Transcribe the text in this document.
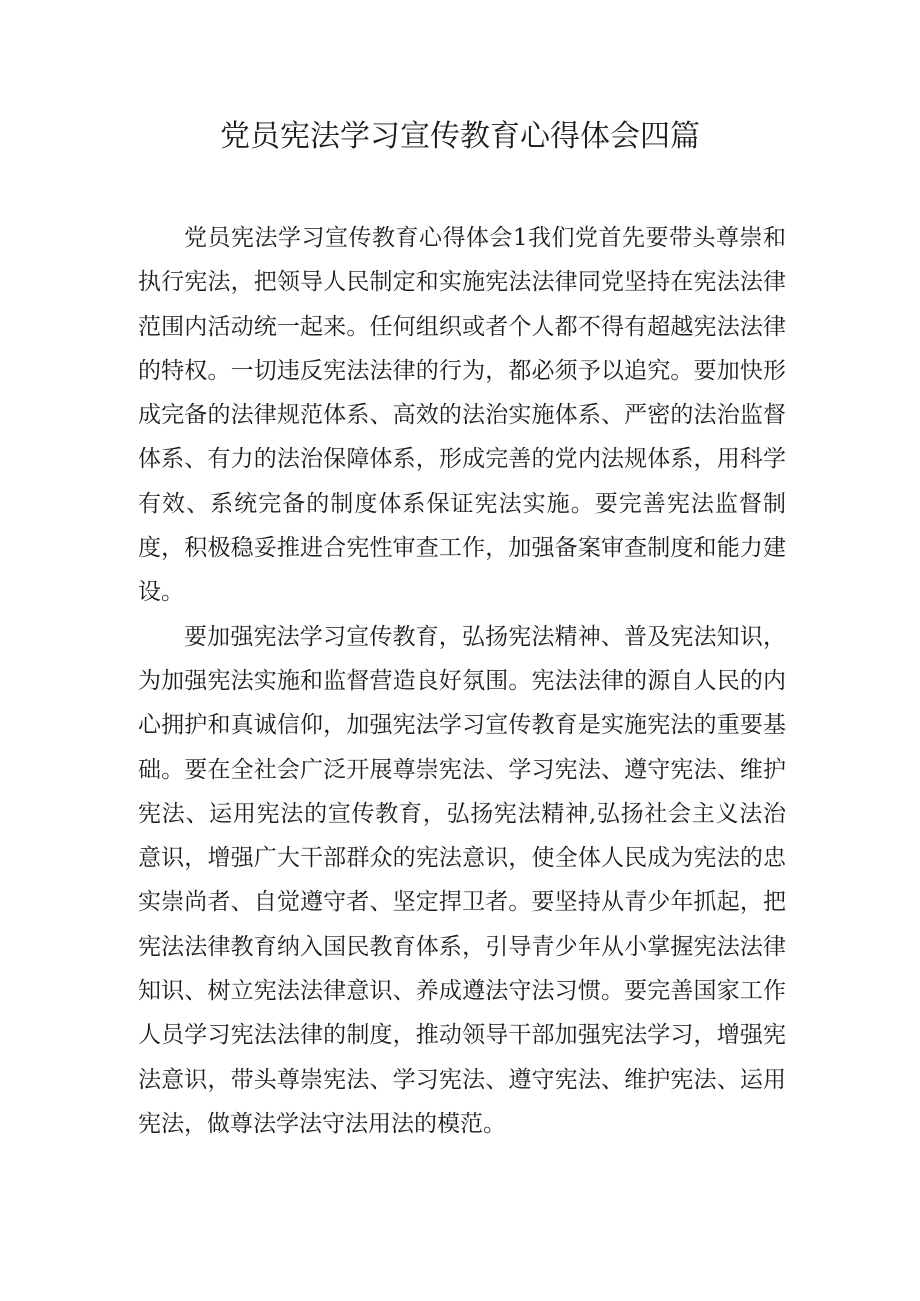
党员宪法学习宣传教育心得体会四篇

党员宪法学习宣传教育心得体会1我们党首先要带头尊崇和执行宪法，把领导人民制定和实施宪法法律同党坚持在宪法法律范围内活动统一起来。任何组织或者个人都不得有超越宪法法律的特权。一切违反宪法法律的行为，都必须予以追究。要加快形成完备的法律规范体系、高效的法治实施体系、严密的法治监督体系、有力的法治保障体系，形成完善的党内法规体系，用科学有效、系统完备的制度体系保证宪法实施。要完善宪法监督制度，积极稳妥推进合宪性审查工作，加强备案审查制度和能力建设。

要加强宪法学习宣传教育，弘扬宪法精神、普及宪法知识，为加强宪法实施和监督营造良好氛围。宪法法律的源自人民的内心拥护和真诚信仰，加强宪法学习宣传教育是实施宪法的重要基础。要在全社会广泛开展尊崇宪法、学习宪法、遵守宪法、维护宪法、运用宪法的宣传教育，弘扬宪法精神,弘扬社会主义法治意识，增强广大干部群众的宪法意识，使全体人民成为宪法的忠实崇尚者、自觉遵守者、坚定捍卫者。要坚持从青少年抓起，把宪法法律教育纳入国民教育体系，引导青少年从小掌握宪法法律知识、树立宪法法律意识、养成遵法守法习惯。要完善国家工作人员学习宪法法律的制度，推动领导干部加强宪法学习，增强宪法意识，带头尊崇宪法、学习宪法、遵守宪法、维护宪法、运用宪法，做尊法学法守法用法的模范。
